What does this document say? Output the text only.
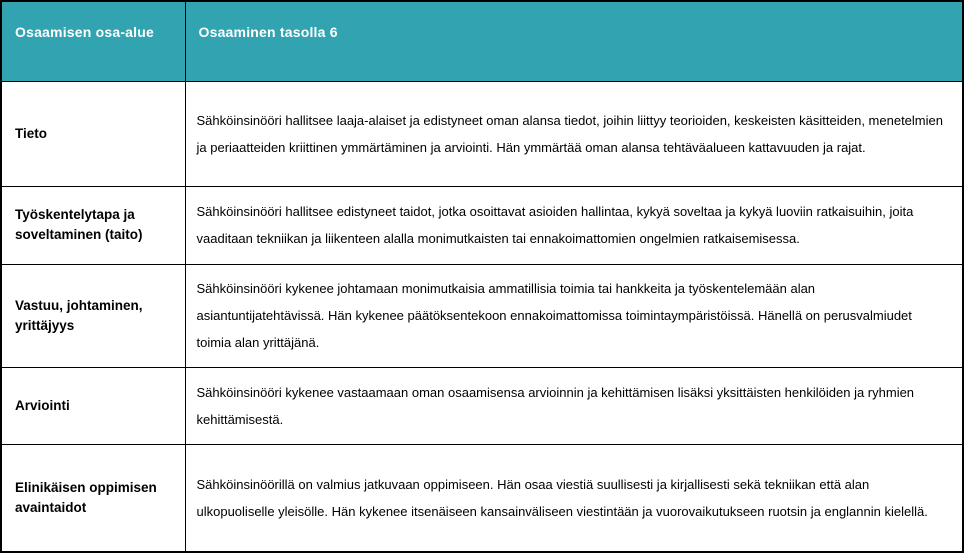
Osaamisen osa-alue	Osaaminen tasolla 6
Tieto	Sähköinsinööri hallitsee laaja-alaiset ja edistyneet oman alansa tiedot, joihin liittyy teorioiden, keskeisten käsitteiden, menetelmien ja periaatteiden kriittinen ymmärtäminen ja arviointi. Hän ymmärtää oman alansa tehtäväalueen kattavuuden ja rajat.
Työskentelytapa ja soveltaminen (taito)	Sähköinsinööri hallitsee edistyneet taidot, jotka osoittavat asioiden hallintaa, kykyä soveltaa ja kykyä luoviin ratkaisuihin, joita vaaditaan tekniikan ja liikenteen alalla monimutkaisten tai ennakoimattomien ongelmien ratkaisemisessa.
Vastuu, johtaminen, yrittäjyys	Sähköinsinööri kykenee johtamaan monimutkaisia ammatillisia toimia tai hankkeita ja työskentelemään alan asiantuntijatehtävissä. Hän kykenee päätöksentekoon ennakoimattomissa toimintaympäristöissä. Hänellä on perusvalmiudet toimia alan yrittäjänä.
Arviointi	Sähköinsinööri kykenee vastaamaan oman osaamisensa arvioinnin ja kehittämisen lisäksi yksittäisten henkilöiden ja ryhmien kehittämisestä.
Elinikäisen oppimisen avaintaidot	Sähköinsinöörillä on valmius jatkuvaan oppimiseen. Hän osaa viestiä suullisesti ja kirjallisesti sekä tekniikan että alan ulkopuoliselle yleisölle. Hän kykenee itsenäiseen kansainväliseen viestintään ja vuorovaikutukseen ruotsin ja englannin kielellä.
